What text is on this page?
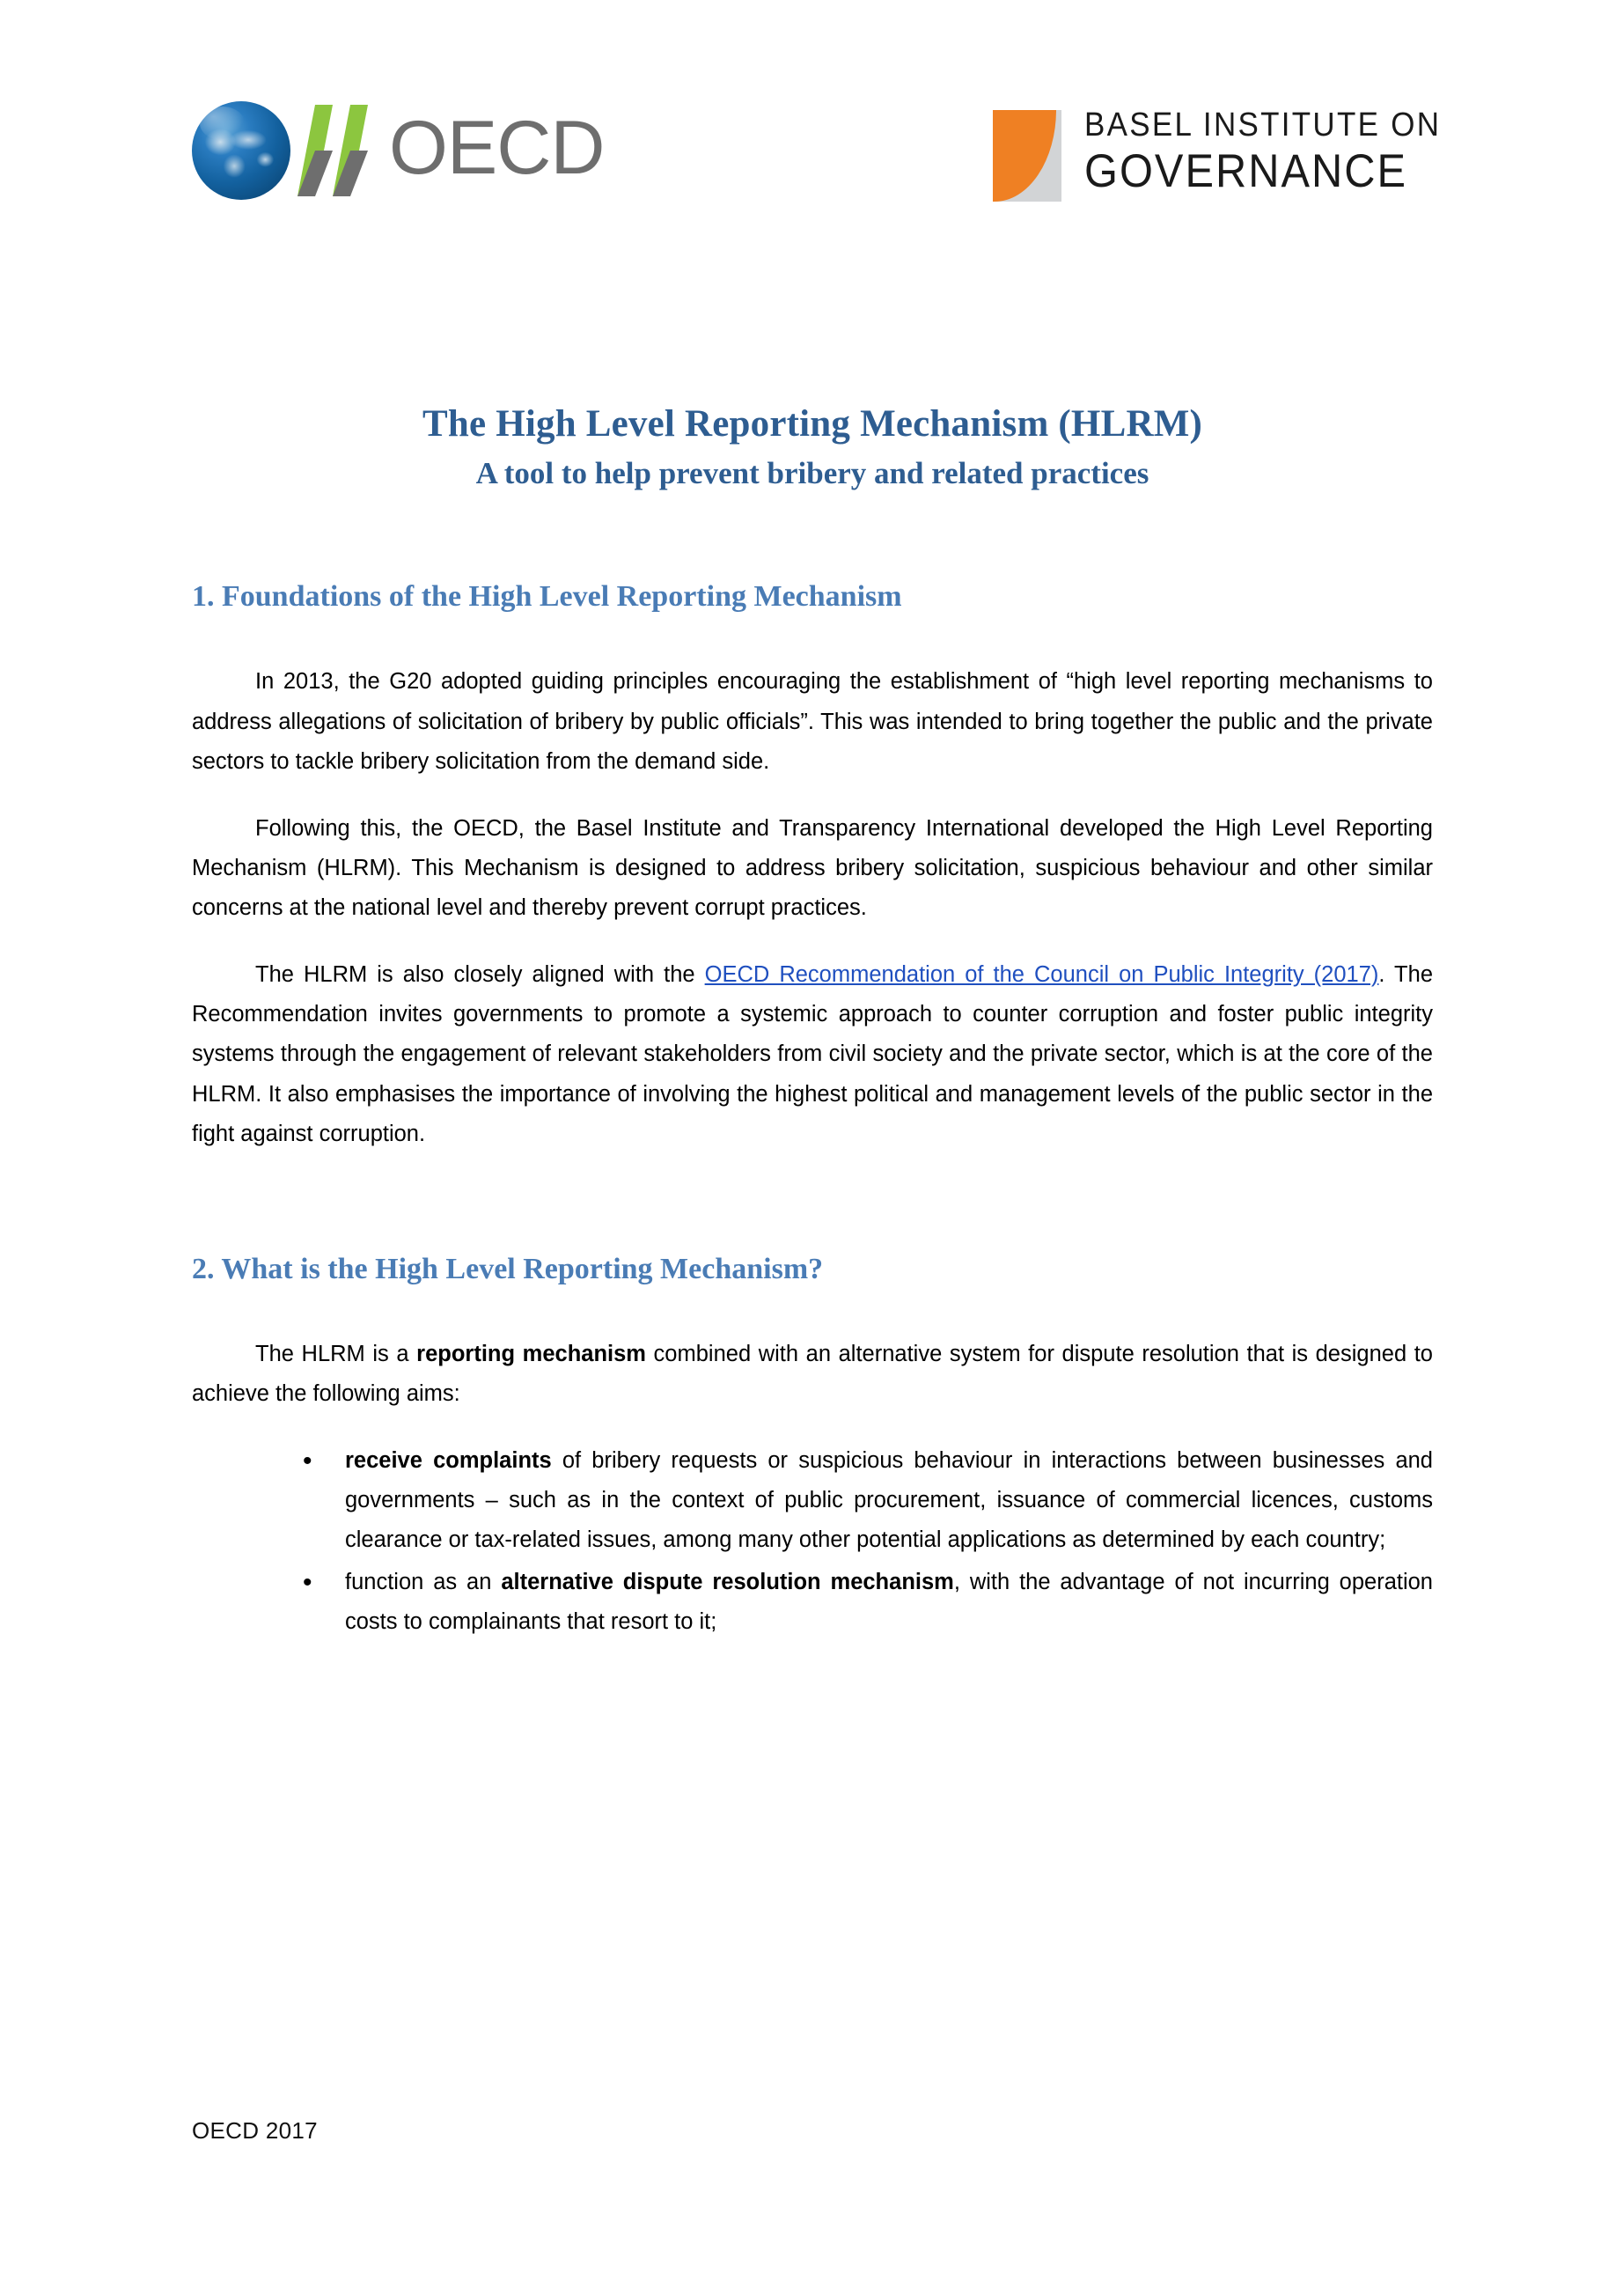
OECD	BASEL INSTITUTE ON
GOVERNANCE
The High Level Reporting Mechanism (HLRM)
A tool to help prevent bribery and related practices
1. Foundations of the High Level Reporting Mechanism

In 2013, the G20 adopted guiding principles encouraging the establishment of “high level reporting mechanisms to address allegations of solicitation of bribery by public officials”. This was intended to bring together the public and the private sectors to tackle bribery solicitation from the demand side.

Following this, the OECD, the Basel Institute and Transparency International developed the High Level Reporting Mechanism (HLRM). This Mechanism is designed to address bribery solicitation, suspicious behaviour and other similar concerns at the national level and thereby prevent corrupt practices.

The HLRM is also closely aligned with the OECD Recommendation of the Council on Public Integrity (2017). The Recommendation invites governments to promote a systemic approach to counter corruption and foster public integrity systems through the engagement of relevant stakeholders from civil society and the private sector, which is at the core of the HLRM. It also emphasises the importance of involving the highest political and management levels of the public sector in the fight against corruption.

2. What is the High Level Reporting Mechanism?

The HLRM is a reporting mechanism combined with an alternative system for dispute resolution that is designed to achieve the following aims:

• receive complaints of bribery requests or suspicious behaviour in interactions between businesses and governments – such as in the context of public procurement, issuance of commercial licences, customs clearance or tax-related issues, among many other potential applications as determined by each country;
• function as an alternative dispute resolution mechanism, with the advantage of not incurring operation costs to complainants that resort to it;
OECD 2017
